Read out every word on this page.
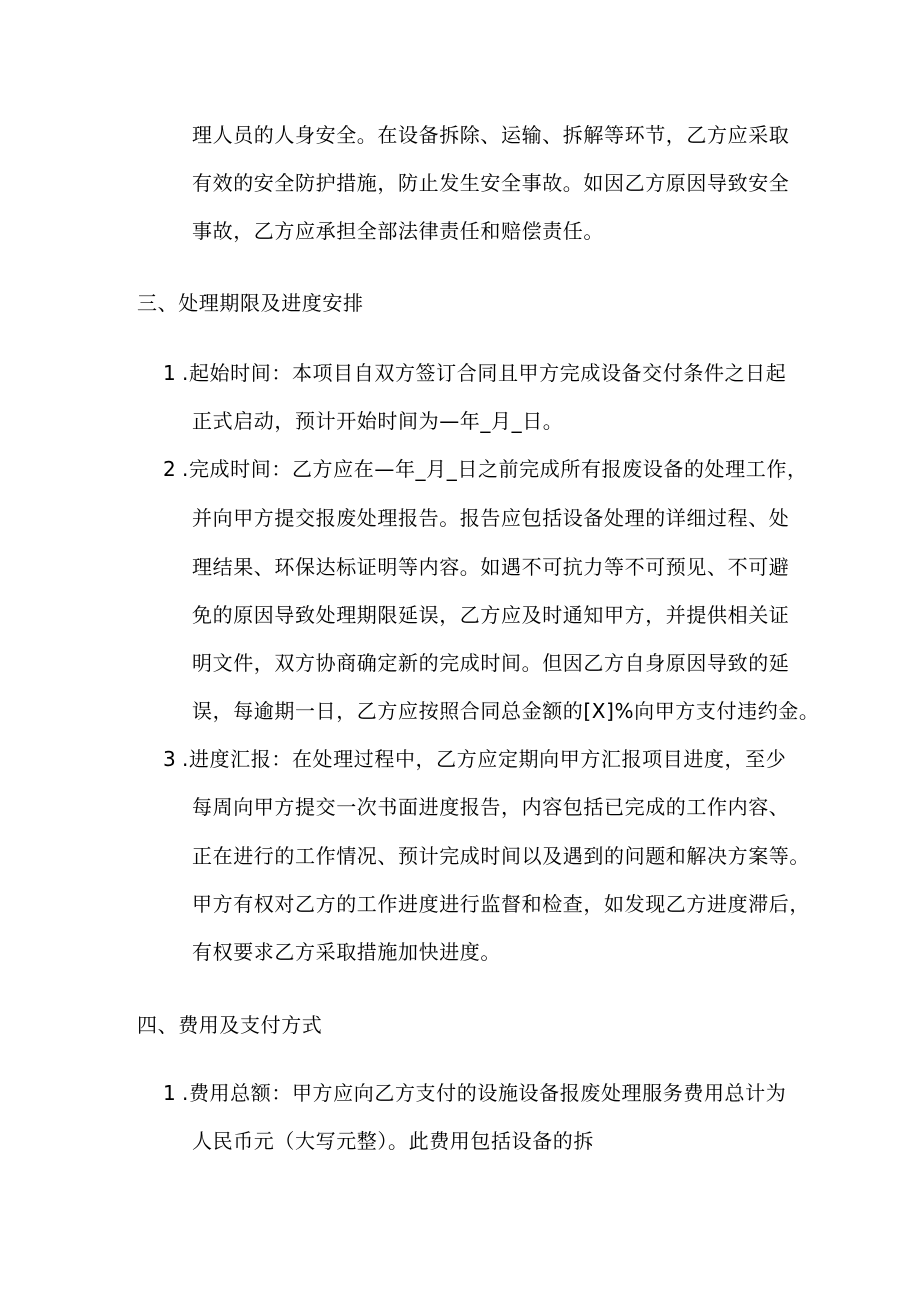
理人员的人身安全。在设备拆除、运输、拆解等环节，乙方应采取
有效的安全防护措施，防止发生安全事故。如因乙方原因导致安全
事故，乙方应承担全部法律责任和赔偿责任。
三、处理期限及进度安排
1 .起始时间：本项目自双方签订合同且甲方完成设备交付条件之日起
正式启动，预计开始时间为—年_月_日。
2 .完成时间：乙方应在—年_月_日之前完成所有报废设备的处理工作，
并向甲方提交报废处理报告。报告应包括设备处理的详细过程、处
理结果、环保达标证明等内容。如遇不可抗力等不可预见、不可避
免的原因导致处理期限延误，乙方应及时通知甲方，并提供相关证
明文件，双方协商确定新的完成时间。但因乙方自身原因导致的延
误，每逾期一日，乙方应按照合同总金额的[X]%向甲方支付违约金。
3 .进度汇报：在处理过程中，乙方应定期向甲方汇报项目进度，至少
每周向甲方提交一次书面进度报告，内容包括已完成的工作内容、
正在进行的工作情况、预计完成时间以及遇到的问题和解决方案等。
甲方有权对乙方的工作进度进行监督和检查，如发现乙方进度滞后，
有权要求乙方采取措施加快进度。
四、费用及支付方式
1 .费用总额：甲方应向乙方支付的设施设备报废处理服务费用总计为
人民币元（大写元整）。此费用包括设备的拆
